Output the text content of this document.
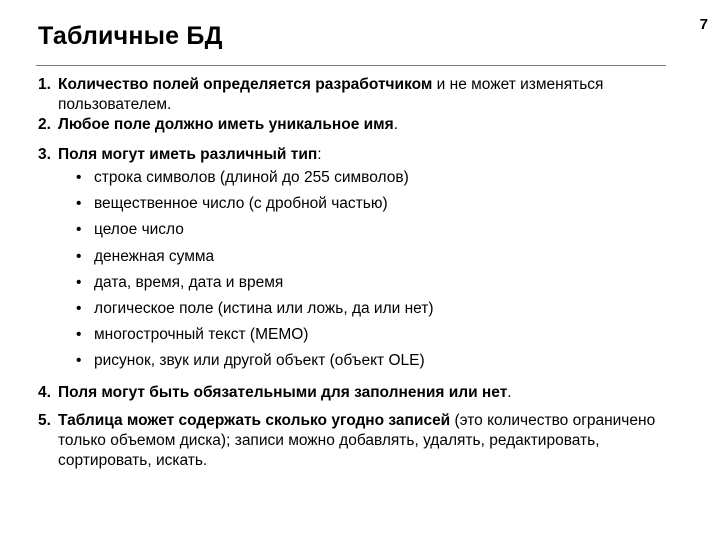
Табличные БД	7
1. Количество полей определяется разработчиком и не может изменяться пользователем.
2. Любое поле должно иметь уникальное имя.
3. Поля могут иметь различный тип:
• строка символов (длиной до 255 символов)
• вещественное число (с дробной частью)
• целое число
• денежная сумма
• дата, время, дата и время
• логическое поле (истина или ложь, да или нет)
• многострочный текст (МЕМО)
• рисунок, звук или другой объект (объект OLE)
4. Поля могут быть обязательными для заполнения или нет.
5. Таблица может содержать сколько угодно записей (это количество ограничено только объемом диска); записи можно добавлять, удалять, редактировать, сортировать, искать.
